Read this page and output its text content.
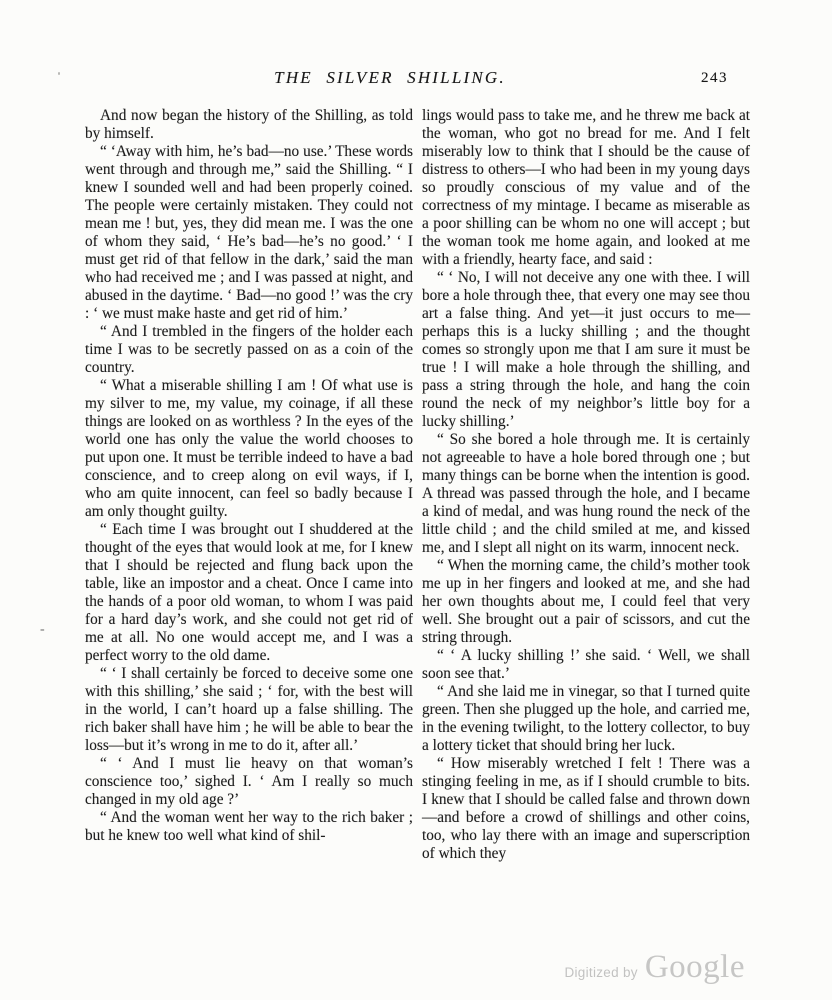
THE SILVER SHILLING.	243

And now began the history of the Shilling, as told by himself.

“ ‘Away with him, he’s bad—no use.’ These words went through and through me,” said the Shilling. “ I knew I sounded well and had been properly coined. The people were certainly mistaken. They could not mean me ! but, yes, they did mean me. I was the one of whom they said, ‘ He’s bad—he’s no good.’ ‘ I must get rid of that fellow in the dark,’ said the man who had received me ; and I was passed at night, and abused in the daytime. ‘ Bad—no good !’ was the cry : ‘ we must make haste and get rid of him.’

“ And I trembled in the fingers of the holder each time I was to be secretly passed on as a coin of the country.

“ What a miserable shilling I am ! Of what use is my silver to me, my value, my coinage, if all these things are looked on as worthless ? In the eyes of the world one has only the value the world chooses to put upon one. It must be terrible indeed to have a bad conscience, and to creep along on evil ways, if I, who am quite innocent, can feel so badly because I am only thought guilty.

“ Each time I was brought out I shuddered at the thought of the eyes that would look at me, for I knew that I should be rejected and flung back upon the table, like an impostor and a cheat. Once I came into the hands of a poor old woman, to whom I was paid for a hard day’s work, and she could not get rid of me at all. No one would accept me, and I was a perfect worry to the old dame.

“ ‘ I shall certainly be forced to deceive some one with this shilling,’ she said ; ‘ for, with the best will in the world, I can’t hoard up a false shilling. The rich baker shall have him ; he will be able to bear the loss—but it’s wrong in me to do it, after all.’

“ ‘ And I must lie heavy on that woman’s conscience too,’ sighed I. ‘ Am I really so much changed in my old age ?’

“ And the woman went her way to the rich baker ; but he knew too well what kind of shil-

lings would pass to take me, and he threw me back at the woman, who got no bread for me. And I felt miserably low to think that I should be the cause of distress to others—I who had been in my young days so proudly conscious of my value and of the correctness of my mintage. I became as miserable as a poor shilling can be whom no one will accept ; but the woman took me home again, and looked at me with a friendly, hearty face, and said :

“ ‘ No, I will not deceive any one with thee. I will bore a hole through thee, that every one may see thou art a false thing. And yet—it just occurs to me—perhaps this is a lucky shilling ; and the thought comes so strongly upon me that I am sure it must be true ! I will make a hole through the shilling, and pass a string through the hole, and hang the coin round the neck of my neighbor’s little boy for a lucky shilling.’

“ So she bored a hole through me. It is certainly not agreeable to have a hole bored through one ; but many things can be borne when the intention is good. A thread was passed through the hole, and I became a kind of medal, and was hung round the neck of the little child ; and the child smiled at me, and kissed me, and I slept all night on its warm, innocent neck.

“ When the morning came, the child’s mother took me up in her fingers and looked at me, and she had her own thoughts about me, I could feel that very well. She brought out a pair of scissors, and cut the string through.

“ ‘ A lucky shilling !’ she said. ‘ Well, we shall soon see that.’

“ And she laid me in vinegar, so that I turned quite green. Then she plugged up the hole, and carried me, in the evening twilight, to the lottery collector, to buy a lottery ticket that should bring her luck.

“ How miserably wretched I felt ! There was a stinging feeling in me, as if I should crumble to bits. I knew that I should be called false and thrown down—and before a crowd of shillings and other coins, too, who lay there with an image and superscription of which they

-
Digitized by Google
